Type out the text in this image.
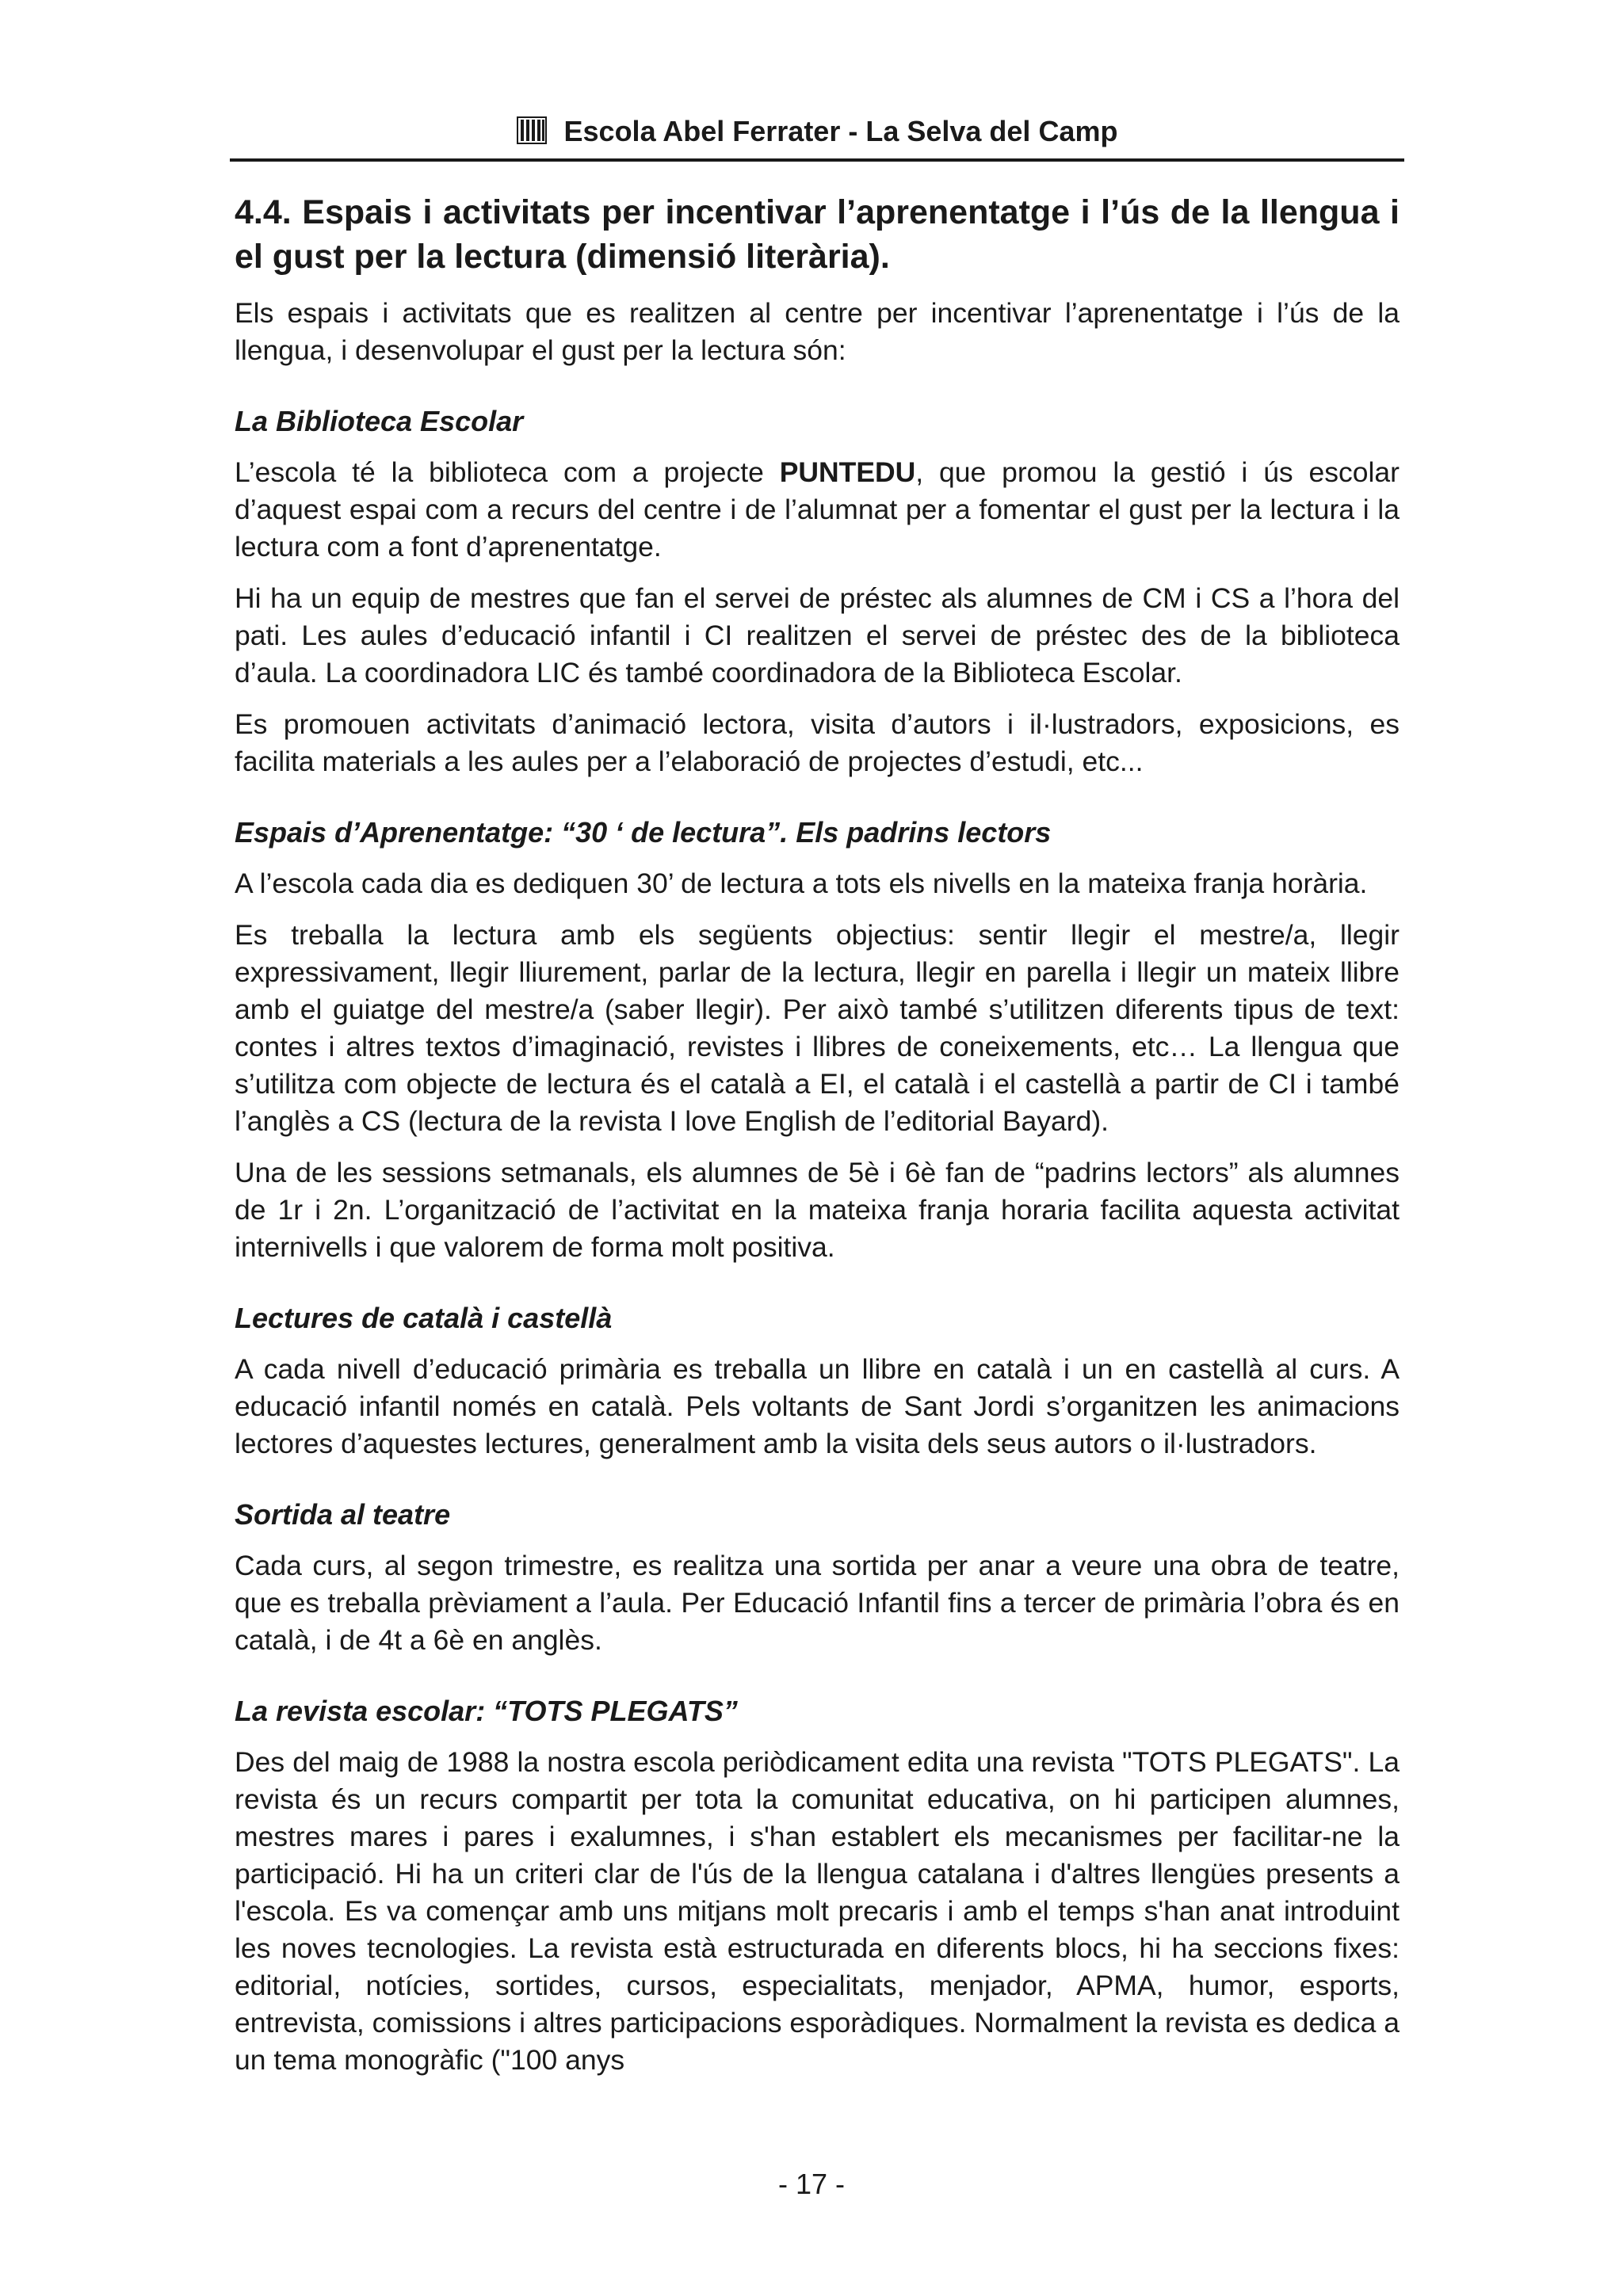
Escola Abel Ferrater - La Selva del Camp
4.4. Espais i activitats per incentivar l’aprenentatge i l’ús de la llengua i el gust per la lectura (dimensió literària).

Els espais i activitats que es realitzen al centre per incentivar l’aprenentatge i l’ús de la llengua, i desenvolupar el gust per la lectura són:

La Biblioteca Escolar

L’escola té la biblioteca com a projecte PUNTEDU, que promou la gestió i ús escolar d’aquest espai com a recurs del centre i de l’alumnat per a fomentar el gust per la lectura i la lectura com a font d’aprenentatge.

Hi ha un equip de mestres que fan el servei de préstec als alumnes de CM i CS a l’hora del pati. Les aules d’educació infantil i CI realitzen el servei de préstec des de la biblioteca d’aula. La coordinadora LIC és també coordinadora de la Biblioteca Escolar.

Es promouen activitats d’animació lectora, visita d’autors i il·lustradors, exposicions, es facilita materials a les aules per a l’elaboració de projectes d’estudi, etc...

Espais d’Aprenentatge: “30 ‘ de lectura”. Els padrins lectors

A l’escola cada dia es dediquen 30’ de lectura a tots els nivells en la mateixa franja horària.

Es treballa la lectura amb els següents objectius: sentir llegir el mestre/a, llegir expressivament, llegir lliurement, parlar de la lectura, llegir en parella i llegir un mateix llibre amb el guiatge del mestre/a (saber llegir). Per això també s’utilitzen diferents tipus de text: contes i altres textos d’imaginació, revistes i llibres de coneixements, etc… La llengua que s’utilitza com objecte de lectura és el català a EI, el català i el castellà a partir de CI i també l’anglès a CS (lectura de la revista I love English de l’editorial Bayard).

Una de les sessions setmanals, els alumnes de 5è i 6è fan de “padrins lectors” als alumnes de 1r i 2n. L’organització de l’activitat en la mateixa franja horaria facilita aquesta activitat internivells i que valorem de forma molt positiva.

Lectures de català i castellà

A cada nivell d’educació primària es treballa un llibre en català i un en castellà al curs. A educació infantil només en català. Pels voltants de Sant Jordi s’organitzen les animacions lectores d’aquestes lectures, generalment amb la visita dels seus autors o il·lustradors.

Sortida al teatre

Cada curs, al segon trimestre, es realitza una sortida per anar a veure una obra de teatre, que es treballa prèviament a l’aula. Per Educació Infantil fins a tercer de primària l’obra és en català, i de 4t a 6è en anglès.

La revista escolar: “TOTS PLEGATS”

Des del maig de 1988 la nostra escola periòdicament edita una revista "TOTS PLEGATS". La revista és un recurs compartit per tota la comunitat educativa, on hi participen alumnes, mestres mares i pares i exalumnes, i s'han establert els mecanismes per facilitar-ne la participació. Hi ha un criteri clar de l'ús de la llengua catalana i d'altres llengües presents a l'escola. Es va començar amb uns mitjans molt precaris i amb el temps s'han anat introduint les noves tecnologies. La revista està estructurada en diferents blocs, hi ha seccions fixes: editorial, notícies, sortides, cursos, especialitats, menjador, APMA, humor, esports, entrevista, comissions i altres participacions esporàdiques. Normalment la revista es dedica a un tema monogràfic ("100 anys

- 17 -
